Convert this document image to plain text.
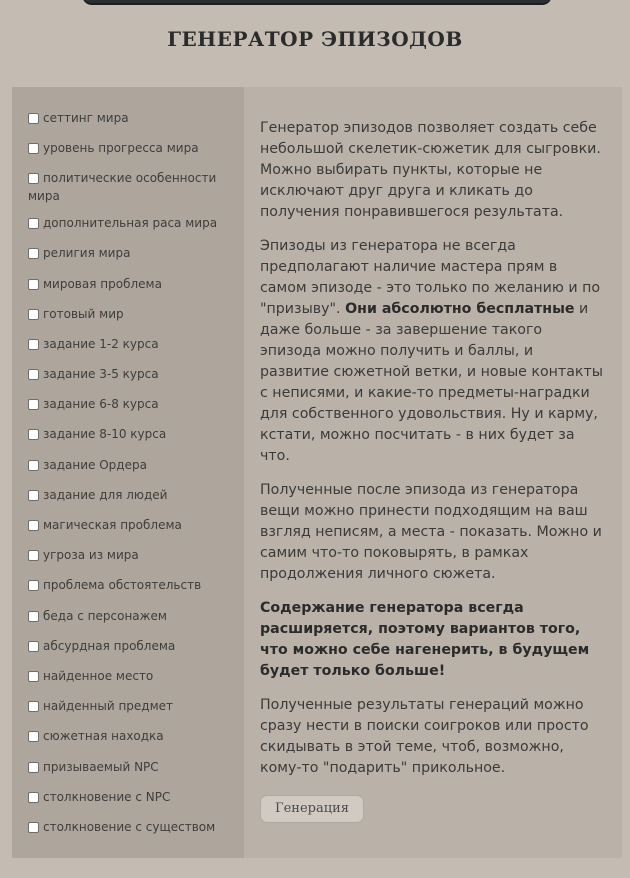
ГЕНЕРАТОР ЭПИЗОДОВ
сеттинг мира
уровень прогресса мира
политические особенности мира
дополнительная раса мира
религия мира
мировая проблема
готовый мир
задание 1-2 курса
задание 3-5 курса
задание 6-8 курса
задание 8-10 курса
задание Ордера
задание для людей
магическая проблема
угроза из мира
проблема обстоятельств
беда с персонажем
абсурдная проблема
найденное место
найденный предмет
сюжетная находка
призываемый NPC
столкновение с NPC
столкновение с существом

Генератор эпизодов позволяет создать себе небольшой скелетик-сюжетик для сыгровки. Можно выбирать пункты, которые не исключают друг друга и кликать до получения понравившегося результата.

Эпизоды из генератора не всегда предполагают наличие мастера прям в самом эпизоде - это только по желанию и по "призыву". Они абсолютно бесплатные и даже больше - за завершение такого эпизода можно получить и баллы, и развитие сюжетной ветки, и новые контакты с неписями, и какие-то предметы-наградки для собственного удовольствия. Ну и карму, кстати, можно посчитать - в них будет за что.

Полученные после эпизода из генератора вещи можно принести подходящим на ваш взгляд неписям, а места - показать. Можно и самим что-то поковырять, в рамках продолжения личного сюжета.

Содержание генератора всегда расширяется, поэтому вариантов того, что можно себе нагенерить, в будущем будет только больше!

Полученные результаты генераций можно сразу нести в поиски соигроков или просто скидывать в этой теме, чтоб, возможно, кому-то "подарить" прикольное.

Генерация
